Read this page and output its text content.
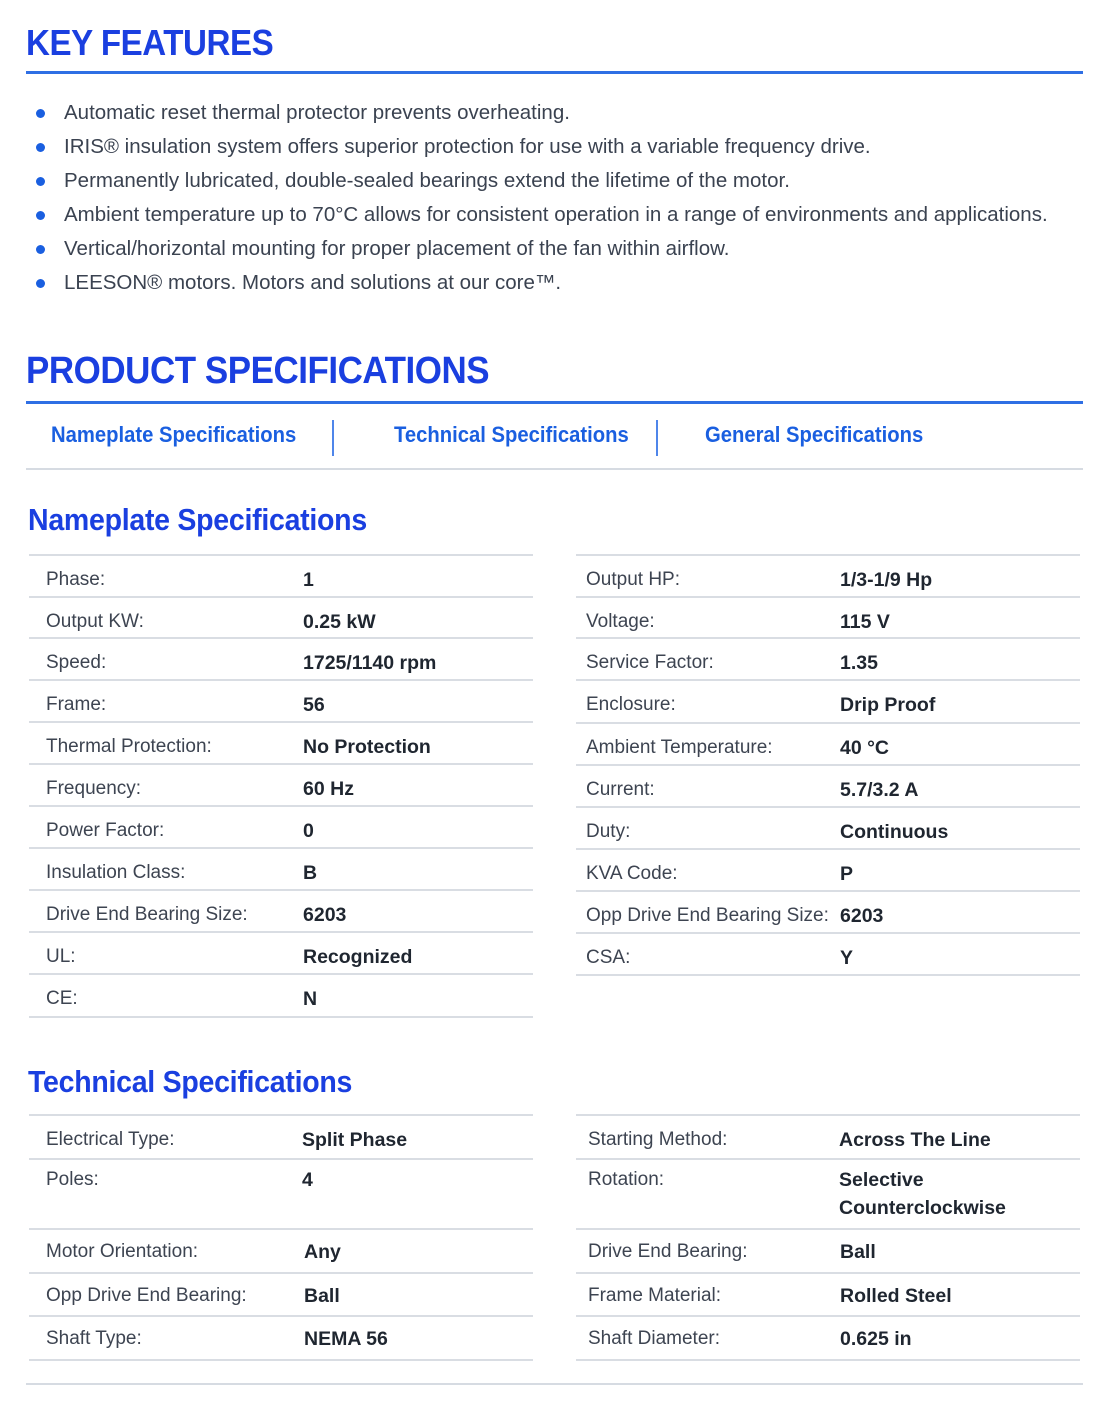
KEY FEATURES
Automatic reset thermal protector prevents overheating.
IRIS® insulation system offers superior protection for use with a variable frequency drive.
Permanently lubricated, double-sealed bearings extend the lifetime of the motor.
Ambient temperature up to 70°C allows for consistent operation in a range of environments and applications.
Vertical/horizontal mounting for proper placement of the fan within airflow.
LEESON® motors. Motors and solutions at our core™.
PRODUCT SPECIFICATIONS
Nameplate Specifications	Technical Specifications	General Specifications
Nameplate Specifications
Phase:	1
Output KW:	0.25 kW
Speed:	1725/1140 rpm
Frame:	56
Thermal Protection:	No Protection
Frequency:	60 Hz
Power Factor:	0
Insulation Class:	B
Drive End Bearing Size:	6203
UL:	Recognized
CE:	N
Output HP:	1/3-1/9 Hp
Voltage:	115 V
Service Factor:	1.35
Enclosure:	Drip Proof
Ambient Temperature:	40 °C
Current:	5.7/3.2 A
Duty:	Continuous
KVA Code:	P
Opp Drive End Bearing Size: 6203
CSA:	Y
Technical Specifications
Electrical Type:	Split Phase
Poles:	4
Motor Orientation:	Any
Opp Drive End Bearing:	Ball
Shaft Type:	NEMA 56
Starting Method:	Across The Line
Rotation:	Selective Counterclockwise
Drive End Bearing:	Ball
Frame Material:	Rolled Steel
Shaft Diameter:	0.625 in
